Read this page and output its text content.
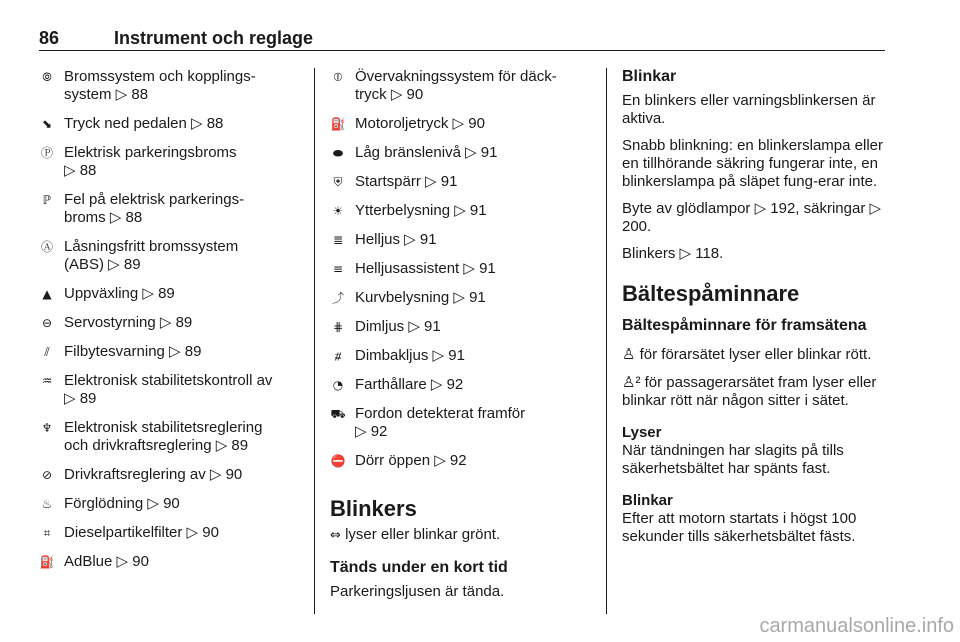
86	Instrument och reglage
⦾ Bromssystem och kopplings-
system ▷ 88
⬊ Tryck ned pedalen ▷ 88
Ⓟ Elektrisk parkeringsbroms
▷ 88
ℙ Fel på elektrisk parkerings-
broms ▷ 88
Ⓐ Låsningsfritt bromssystem
(ABS) ▷ 89
▲ Uppväxling ▷ 89
⊖ Servostyrning ▷ 89
⫽ Filbytesvarning ▷ 89
♒ Elektronisk stabilitetskontroll av
▷ 89
♆ Elektronisk stabilitetsreglering
och drivkraftsreglering ▷ 89
⊘ Drivkraftsreglering av ▷ 90
♨ Förglödning ▷ 90
⌗ Dieselpartikelfilter ▷ 90
⛽ AdBlue ▷ 90
⦶ Övervakningssystem för däck-
tryck ▷ 90
⛽ Motoroljetryck ▷ 90
⬬ Låg bränslenivå ▷ 91
⛨ Startspärr ▷ 91
☀ Ytterbelysning ▷ 91
≣ Helljus ▷ 91
≡ Helljusassistent ▷ 91
⤴ Kurvbelysning ▷ 91
⋕ Dimljus ▷ 91
⧥ Dimbakljus ▷ 91
◔ Farthållare ▷ 92
⛟ Fordon detekterat framför
▷ 92
⛔ Dörr öppen ▷ 92
Blinkers
⇔ lyser eller blinkar grönt.
Tänds under en kort tid
Parkeringsljusen är tända.

Blinkar

En blinkers eller varningsblinkersen är aktiva.

Snabb blinkning: en blinkerslampa eller en tillhörande säkring fungerar inte, en blinkerslampa på släpet fung-erar inte.

Byte av glödlampor ▷ 192, säkringar ▷ 200.

Blinkers ▷ 118.

Bältespåminnare

Bältespåminnare för framsätena

♙ för förarsätet lyser eller blinkar rött.

♙² för passagerarsätet fram lyser eller blinkar rött när någon sitter i sätet.

Lyser

När tändningen har slagits på tills säkerhetsbältet har spänts fast.

Blinkar

Efter att motorn startats i högst 100 sekunder tills säkerhetsbältet fästs.

carmanualsonline.info
